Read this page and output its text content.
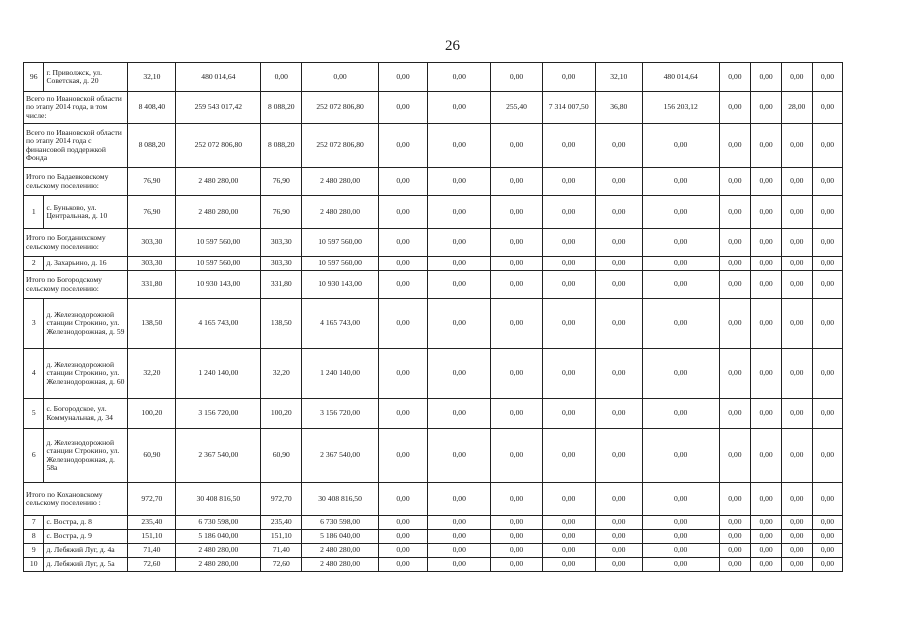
26
96	г. Приволжск, ул. Советская, д. 20	32,10	480 014,64	0,00	0,00	0,00	0,00	0,00	0,00	32,10	480 014,64	0,00	0,00	0,00	0,00
Всего по Ивановской области по этапу 2014 года, в том числе:		8 408,40	259 543 017,42	8 088,20	252 072 806,80	0,00	0,00	255,40	7 314 007,50	36,80	156 203,12	0,00	0,00	28,00	0,00
Всего по Ивановской области по этапу 2014 года с финансовой поддержкой Фонда		8 088,20	252 072 806,80	8 088,20	252 072 806,80	0,00	0,00	0,00	0,00	0,00	0,00	0,00	0,00	0,00	0,00
Итого по Бадаевковскому сельскому поселению:		76,90	2 480 280,00	76,90	2 480 280,00	0,00	0,00	0,00	0,00	0,00	0,00	0,00	0,00	0,00	0,00
1	с. Буньково, ул. Центральная, д. 10	76,90	2 480 280,00	76,90	2 480 280,00	0,00	0,00	0,00	0,00	0,00	0,00	0,00	0,00	0,00	0,00
Итого по Богданихскому сельскому поселению:		303,30	10 597 560,00	303,30	10 597 560,00	0,00	0,00	0,00	0,00	0,00	0,00	0,00	0,00	0,00	0,00
2	д. Захарьино, д. 16	303,30	10 597 560,00	303,30	10 597 560,00	0,00	0,00	0,00	0,00	0,00	0,00	0,00	0,00	0,00	0,00
Итого по Богородскому сельскому поселению:		331,80	10 930 143,00	331,80	10 930 143,00	0,00	0,00	0,00	0,00	0,00	0,00	0,00	0,00	0,00	0,00
3	д. Железнодорожной станции Строкино, ул. Железнодорожная, д. 59	138,50	4 165 743,00	138,50	4 165 743,00	0,00	0,00	0,00	0,00	0,00	0,00	0,00	0,00	0,00	0,00
4	д. Железнодорожной станции Строкино, ул. Железнодорожная, д. 60	32,20	1 240 140,00	32,20	1 240 140,00	0,00	0,00	0,00	0,00	0,00	0,00	0,00	0,00	0,00	0,00
5	с. Богородское, ул. Коммунальная, д. 34	100,20	3 156 720,00	100,20	3 156 720,00	0,00	0,00	0,00	0,00	0,00	0,00	0,00	0,00	0,00	0,00
6	д. Железнодорожной станции Строкино, ул. Железнодорожная, д. 58а	60,90	2 367 540,00	60,90	2 367 540,00	0,00	0,00	0,00	0,00	0,00	0,00	0,00	0,00	0,00	0,00
Итого по Кохановскому сельскому поселению :		972,70	30 408 816,50	972,70	30 408 816,50	0,00	0,00	0,00	0,00	0,00	0,00	0,00	0,00	0,00	0,00
7	с. Востра, д. 8	235,40	6 730 598,00	235,40	6 730 598,00	0,00	0,00	0,00	0,00	0,00	0,00	0,00	0,00	0,00	0,00
8	с. Востра, д. 9	151,10	5 186 040,00	151,10	5 186 040,00	0,00	0,00	0,00	0,00	0,00	0,00	0,00	0,00	0,00	0,00
9	д. Лебяжий Луг, д. 4а	71,40	2 480 280,00	71,40	2 480 280,00	0,00	0,00	0,00	0,00	0,00	0,00	0,00	0,00	0,00	0,00
10	д. Лебяжий Луг, д. 5а	72,60	2 480 280,00	72,60	2 480 280,00	0,00	0,00	0,00	0,00	0,00	0,00	0,00	0,00	0,00	0,00
